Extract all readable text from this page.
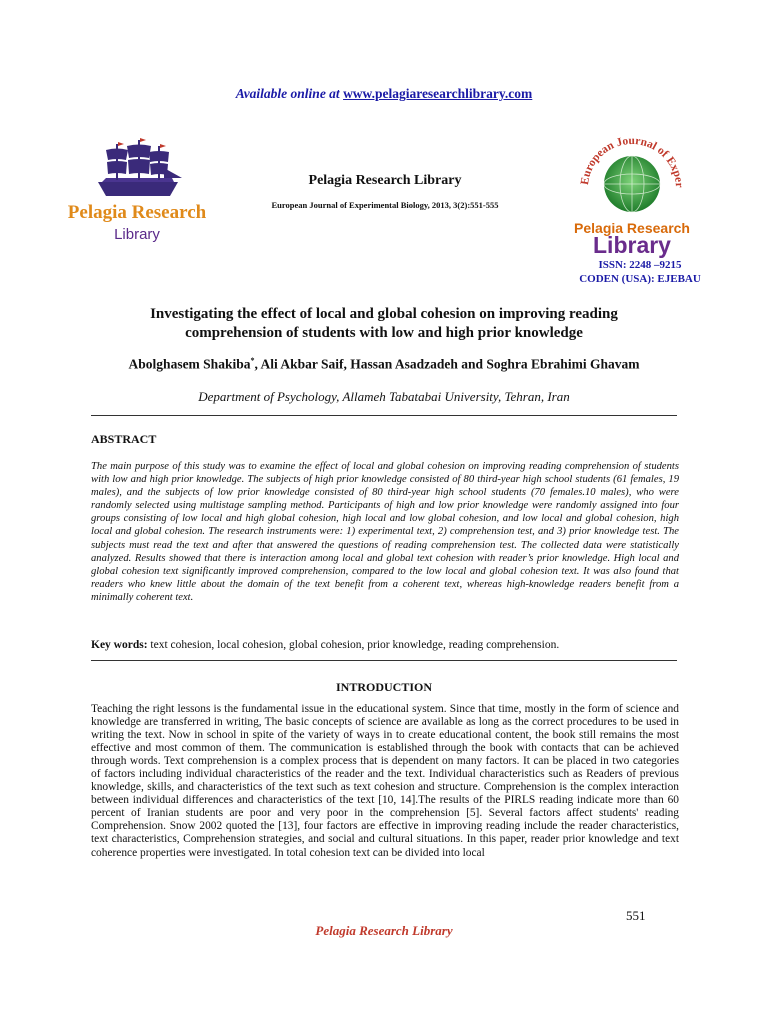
Available online at www.pelagiaresearchlibrary.com
Pelagia Research
Library
Pelagia Research Library
European Journal of Experimental Biology, 2013, 3(2):551-555
European Journal of Exper
Pelagia Research
Library
ISSN: 2248 –9215
CODEN (USA): EJEBAU
Investigating the effect of local and global cohesion on improving reading
comprehension of students with low and high prior knowledge
Abolghasem Shakiba*, Ali Akbar Saif, Hassan Asadzadeh and Soghra Ebrahimi Ghavam
Department of Psychology, Allameh Tabatabai University, Tehran, Iran
ABSTRACT
The main purpose of this study was to examine the effect of local and global cohesion on improving reading comprehension of students with low and high prior knowledge. The subjects of high prior knowledge consisted of 80 third-year high school students (61 females, 19 males), and the subjects of low prior knowledge consisted of 80 third-year high school students (70 females.10 males), who were randomly selected using multistage sampling method. Participants of high and low prior knowledge were randomly assigned into four groups consisting of low local and high global cohesion, high local and low global cohesion, and low local and global cohesion, high local and global cohesion. The research instruments were: 1) experimental text, 2) comprehension test, and 3) prior knowledge test. The subjects must read the text and after that answered the questions of reading comprehension test. The collected data were statistically analyzed. Results showed that there is interaction among local and global text cohesion with reader’s prior knowledge. High local and global cohesion text significantly improved comprehension, compared to the low local and global cohesion text. It was also found that readers who knew little about the domain of the text benefit from a coherent text, whereas high-knowledge readers benefit from a minimally coherent text.
Key words: text cohesion, local cohesion, global cohesion, prior knowledge, reading comprehension.
INTRODUCTION
Teaching the right lessons is the fundamental issue in the educational system. Since that time, mostly in the form of science and knowledge are transferred in writing, The basic concepts of science are available as long as the correct procedures to be used in writing the text. Now in school in spite of the variety of ways in to create educational content, the book still remains the most effective and most common of them. The communication is established through the book with contacts that can be achieved through words. Text comprehension is a complex process that is dependent on many factors. It can be placed in two categories of factors including individual characteristics of the reader and the text. Individual characteristics such as Readers of previous knowledge, skills, and characteristics of the text such as text cohesion and structure. Comprehension is the complex interaction between individual differences and characteristics of the text [10, 14].The results of the PIRLS reading indicate more than 60 percent of Iranian students are poor and very poor in the comprehension [5]. Several factors affect students' reading Comprehension. Snow 2002 quoted the [13], four factors are effective in improving reading include the reader characteristics, text characteristics, Comprehension strategies, and social and cultural situations. In this paper, reader prior knowledge and text coherence properties were investigated. In total cohesion text can be divided into local
551
Pelagia Research Library
